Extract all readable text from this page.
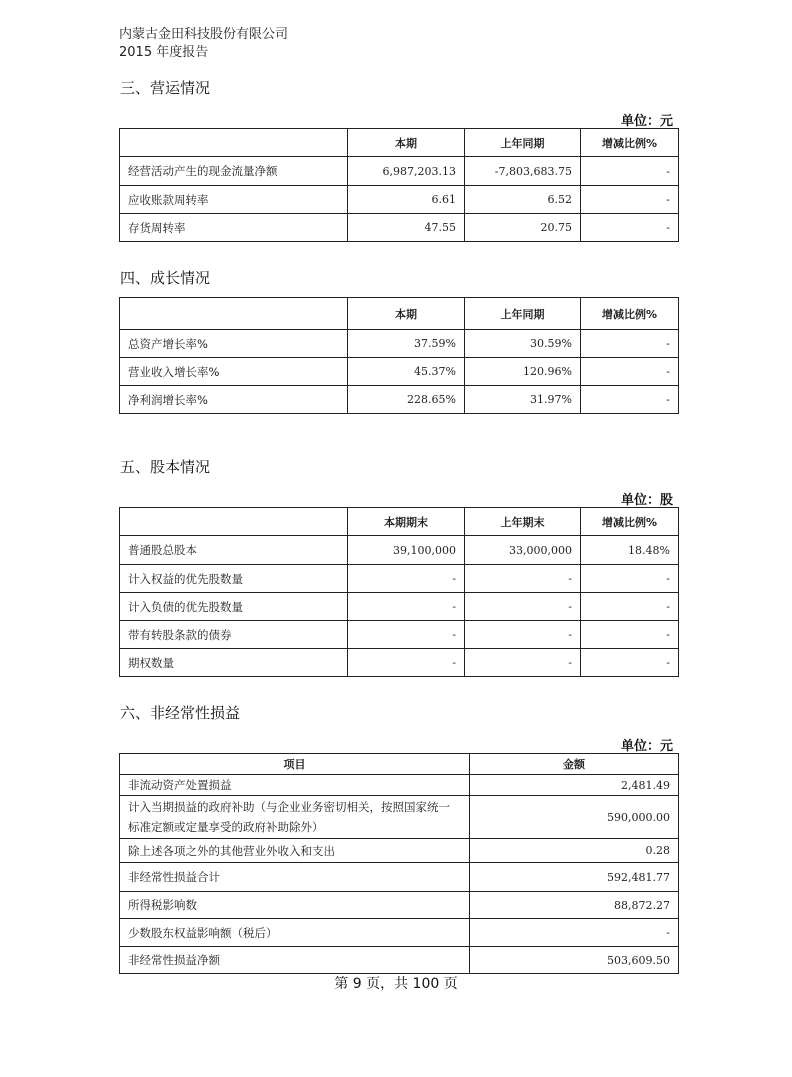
内蒙古金田科技股份有限公司
2015 年度报告
三、营运情况
单位：元
	本期	上年同期	增减比例%
经营活动产生的现金流量净额	6,987,203.13	-7,803,683.75	-
应收账款周转率	6.61	6.52	-
存货周转率	47.55	20.75	-
四、成长情况
	本期	上年同期	增减比例%
总资产增长率%	37.59%	30.59%	-
营业收入增长率%	45.37%	120.96%	-
净利润增长率%	228.65%	31.97%	-
五、股本情况
单位：股
	本期期末	上年期末	增减比例%
普通股总股本	39,100,000	33,000,000	18.48%
计入权益的优先股数量	-	-	-
计入负债的优先股数量	-	-	-
带有转股条款的债券	-	-	-
期权数量	-	-	-
六、非经常性损益
单位：元
项目	金额
非流动资产处置损益	2,481.49
计入当期损益的政府补助（与企业业务密切相关，按照国家统一标准定额或定量享受的政府补助除外）	590,000.00
除上述各项之外的其他营业外收入和支出	0.28
非经常性损益合计	592,481.77
所得税影响数	88,872.27
少数股东权益影响额（税后）	-
非经常性损益净额	503,609.50
第 9 页，共 100 页
